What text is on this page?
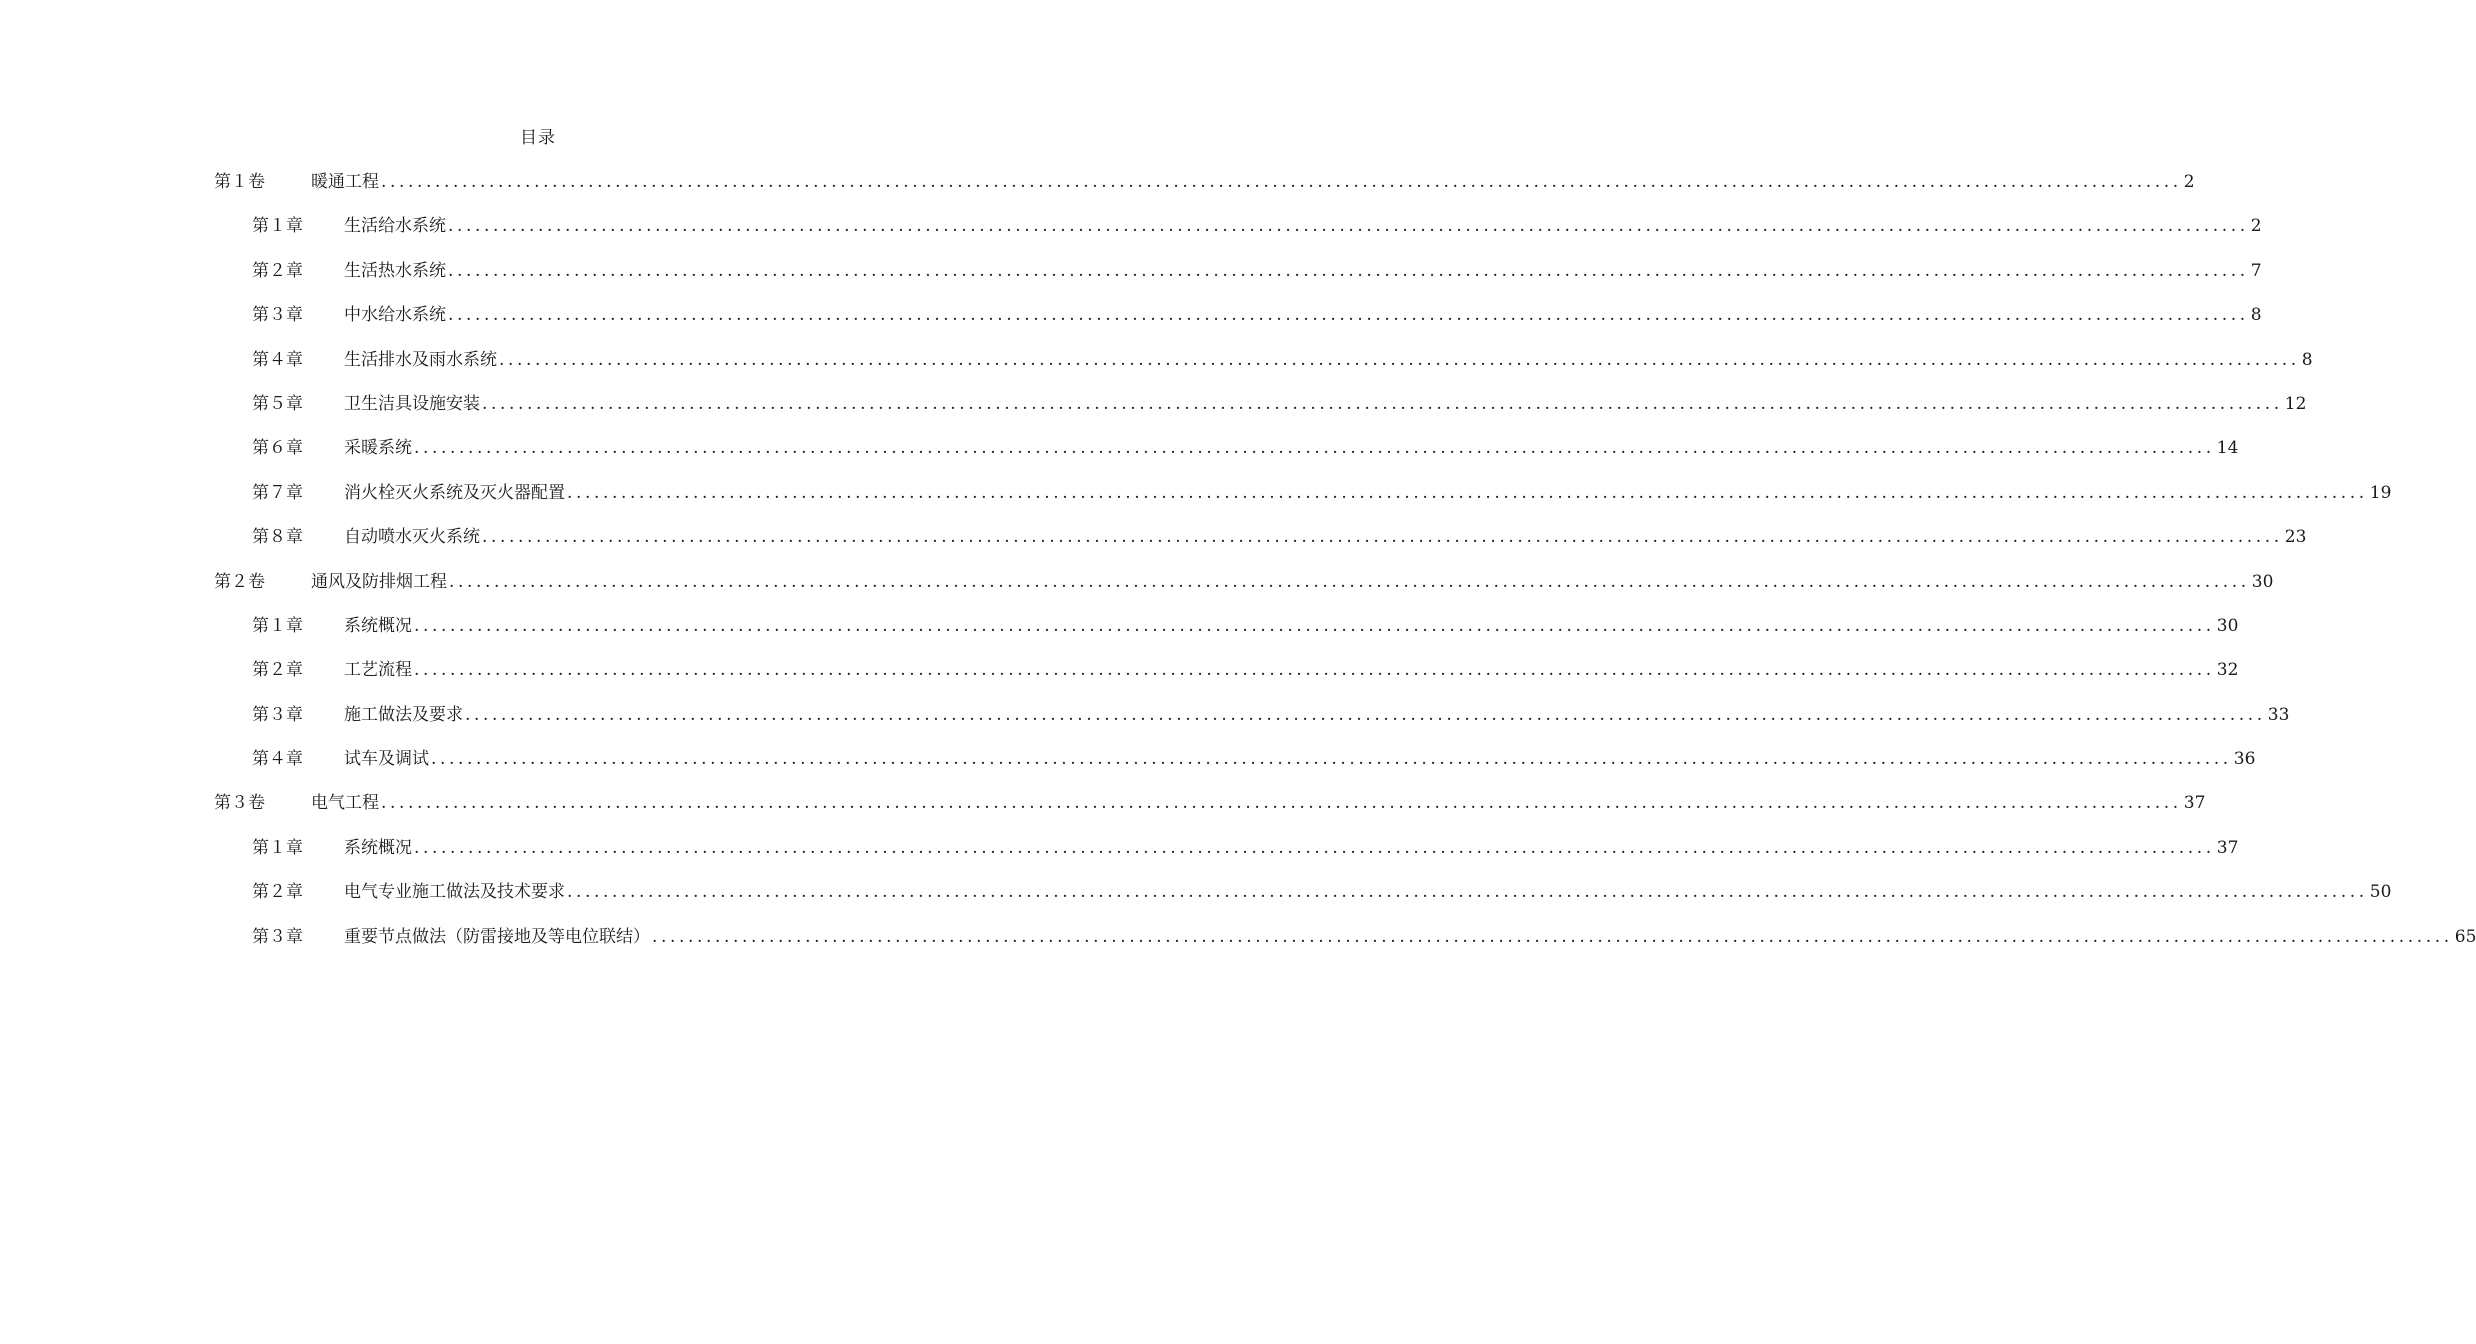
目录
第１卷	暖通工程 ........................................................................................................................................................................................................ 2
第１章	生活给水系统 ........................................................................................................................................................................................................ 2
第２章	生活热水系统 ........................................................................................................................................................................................................ 7
第３章	中水给水系统 ........................................................................................................................................................................................................ 8
第４章	生活排水及雨水系统 ........................................................................................................................................................................................................ 8
第５章	卫生洁具设施安装 ........................................................................................................................................................................................................ 12
第６章	采暖系统 ........................................................................................................................................................................................................ 14
第７章	消火栓灭火系统及灭火器配置 ........................................................................................................................................................................................................ 19
第８章	自动喷水灭火系统 ........................................................................................................................................................................................................ 23
第２卷	通风及防排烟工程 ........................................................................................................................................................................................................ 30
第１章	系统概况 ........................................................................................................................................................................................................ 30
第２章	工艺流程 ........................................................................................................................................................................................................ 32
第３章	施工做法及要求 ........................................................................................................................................................................................................ 33
第４章	试车及调试 ........................................................................................................................................................................................................ 36
第３卷	电气工程 ........................................................................................................................................................................................................ 37
第１章	系统概况 ........................................................................................................................................................................................................ 37
第２章	电气专业施工做法及技术要求 ........................................................................................................................................................................................................ 50
第３章	重要节点做法（防雷接地及等电位联结） ........................................................................................................................................................................................................ 65
